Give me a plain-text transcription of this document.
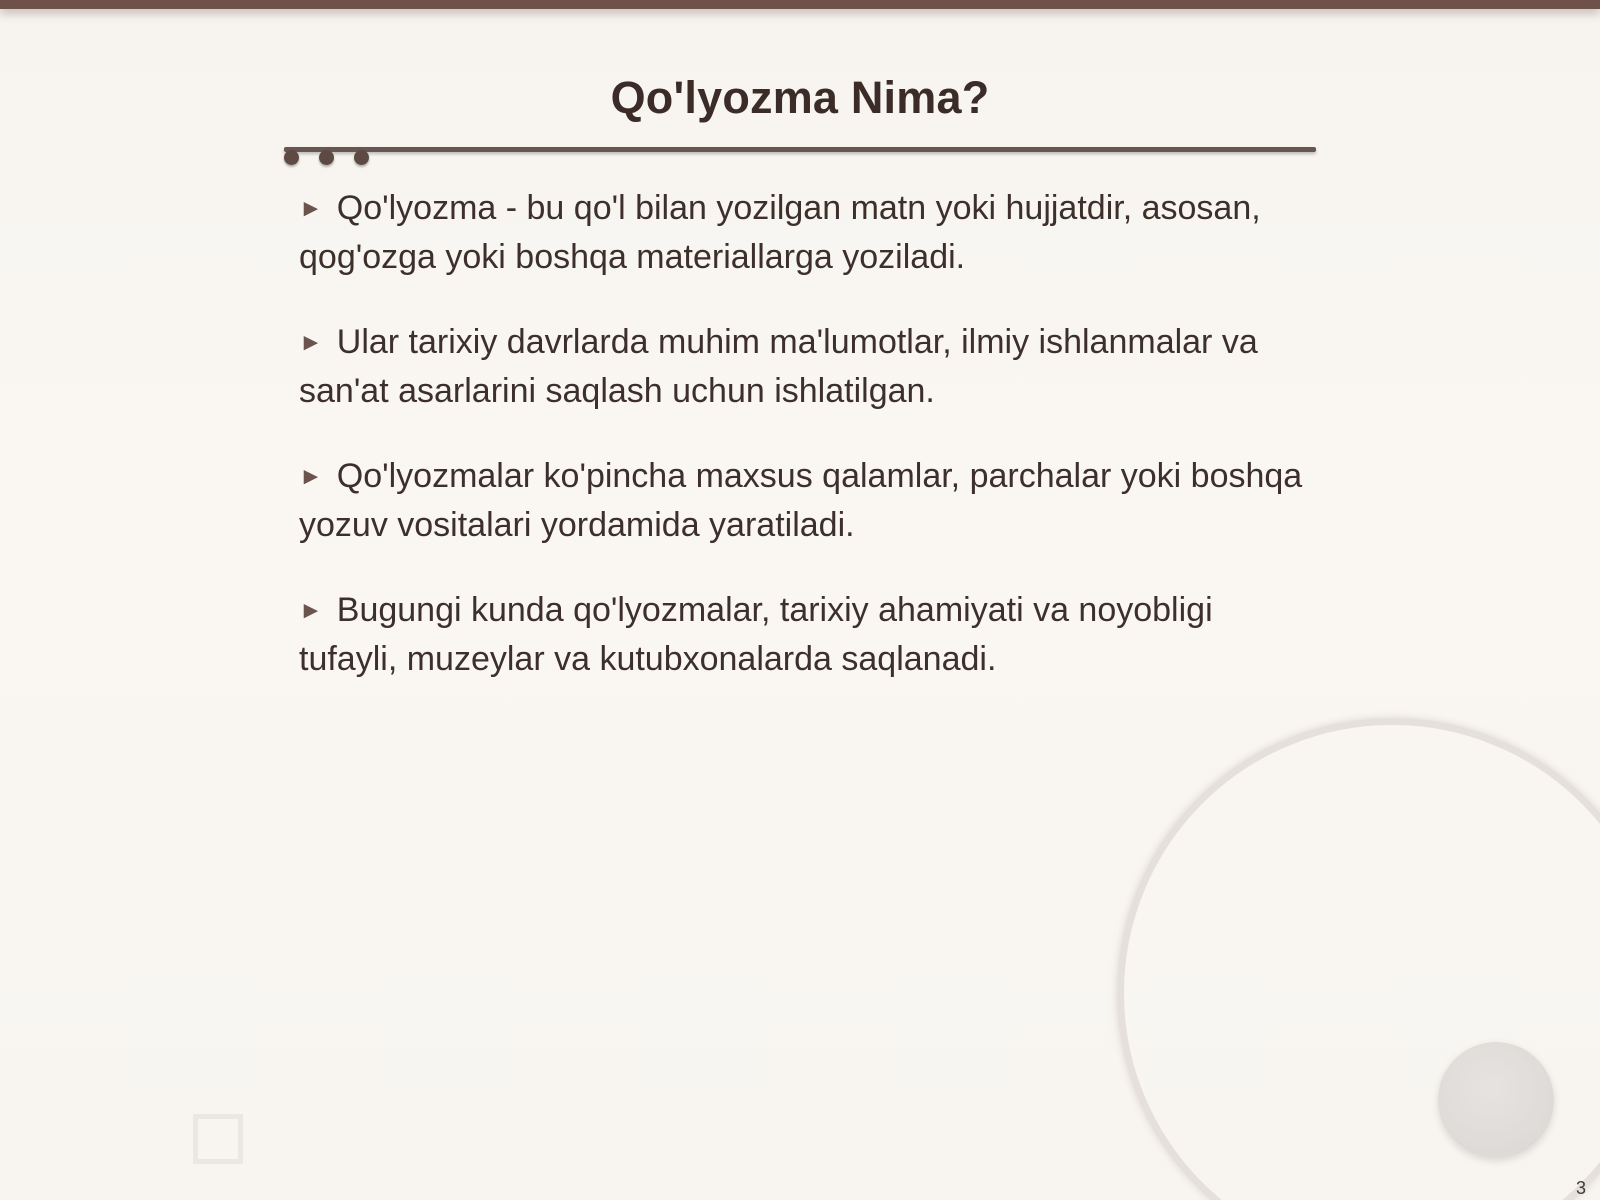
Qo'lyozma Nima?
► Qo'lyozma - bu qo'l bilan yozilgan matn yoki hujjatdir, asosan, qog'ozga yoki boshqa materiallarga yoziladi.
► Ular tarixiy davrlarda muhim ma'lumotlar, ilmiy ishlanmalar va san'at asarlarini saqlash uchun ishlatilgan.
► Qo'lyozmalar ko'pincha maxsus qalamlar, parchalar yoki boshqa yozuv vositalari yordamida yaratiladi.
► Bugungi kunda qo'lyozmalar, tarixiy ahamiyati va noyobligi tufayli, muzeylar va kutubxonalarda saqlanadi.
3
